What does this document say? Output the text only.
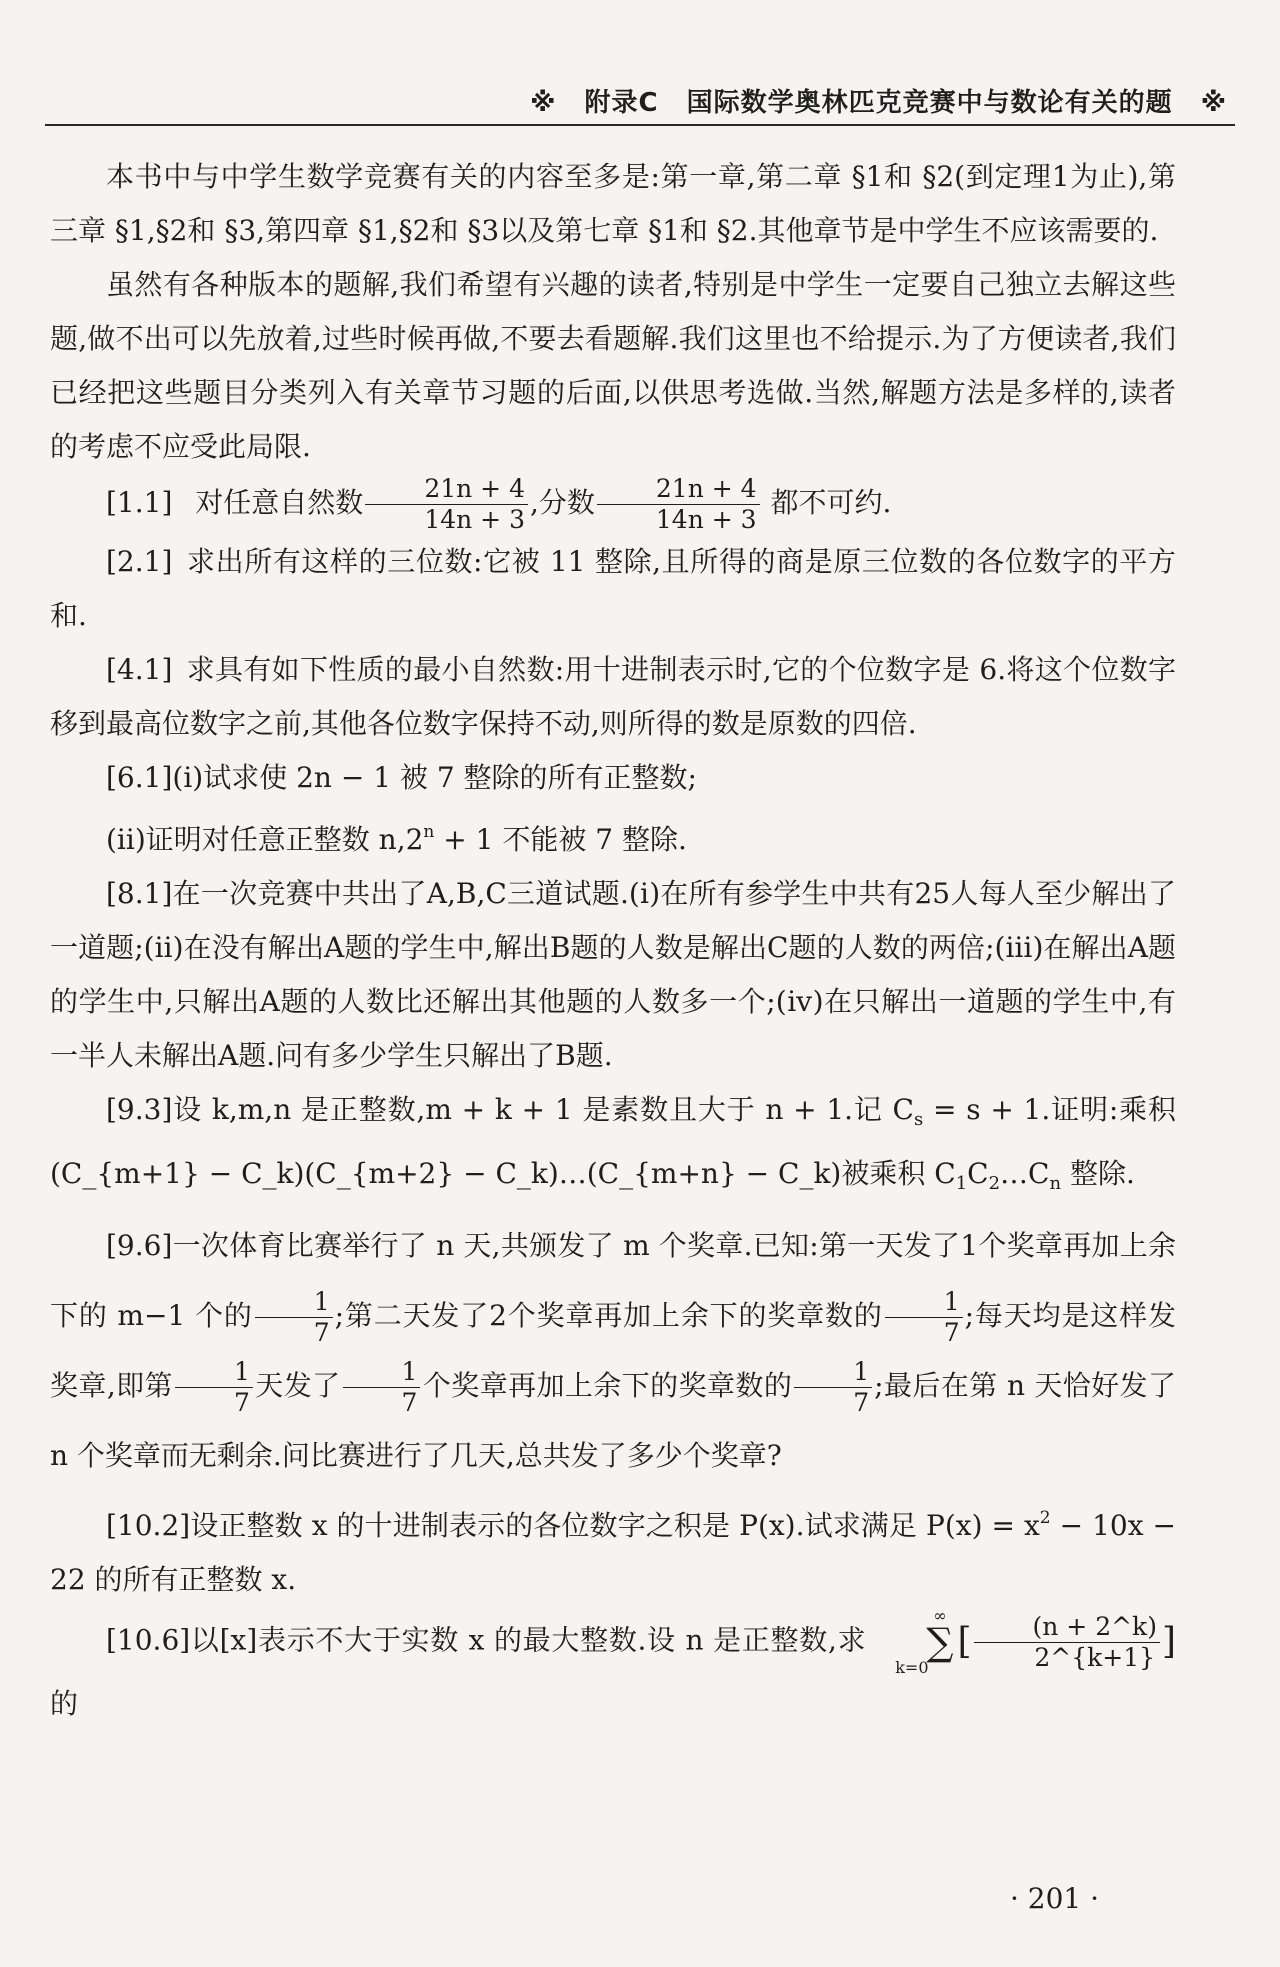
※ 附录C 国际数学奥林匹克竞赛中与数论有关的题 ※

本书中与中学生数学竞赛有关的内容至多是:第一章,第二章 §1和 §2(到定理1为止),第三章 §1,§2和 §3,第四章 §1,§2和 §3以及第七章 §1和 §2.其他章节是中学生不应该需要的.

虽然有各种版本的题解,我们希望有兴趣的读者,特别是中学生一定要自己独立去解这些题,做不出可以先放着,过些时候再做,不要去看题解.我们这里也不给提示.为了方便读者,我们已经把这些题目分类列入有关章节习题的后面,以供思考选做.当然,解题方法是多样的,读者的考虑不应受此局限.

[1.1] 对任意自然数 $\frac{21n + 4}{14n + 3}$ ,分数 $\frac{21n + 4}{14n + 3}$ 都不可约.

[2.1] 求出所有这样的三位数:它被 11 整除,且所得的商是原三位数的各位数字的平方和.

[4.1] 求具有如下性质的最小自然数:用十进制表示时,它的个位数字是 6.将这个位数字移到最高位数字之前,其他各位数字保持不动,则所得的数是原数的四倍.

[6.1](ⅰ)试求使 2n − 1 被 7 整除的所有正整数;

(ⅱ)证明对任意正整数 $n,2^n + 1$ 不能被 7 整除.

[8.1]在一次竞赛中共出了A,B,C三道试题.(ⅰ)在所有参学生中共有25人每人至少解出了一道题;(ⅱ)在没有解出A题的学生中,解出B题的人数是解出C题的人数的两倍;(ⅲ)在解出A题的学生中,只解出A题的人数比还解出其他题的人数多一个;(ⅳ)在只解出一道题的学生中,有一半人未解出A题.问有多少学生只解出了B题.

[9.3]设 k,m,n 是正整数,m + k + 1 是素数且大于 n + 1.记 $C_s = s + 1$.证明:乘积(C_{m+1} − C_k)(C_{m+2} − C_k)…(C_{m+n} − C_k)被乘积 $C_1C_2\dots C_n$ 整除.

[9.6]一次体育比赛举行了 n 天,共颁发了 m 个奖章.已知:第一天发了1个奖章再加上余下的 m−1 个的 $\frac{1}{7}$ ;第二天发了2个奖章再加上余下的奖章数的 $\frac{1}{7}$ ;每天均是这样发奖章,即第 $\frac{1}{7}$ 天发了 $\frac{1}{7}$ 个奖章再加上余下的奖章数的 $\frac{1}{7}$ ;最后在第 n 天恰好发了 n 个奖章而无剩余.问比赛进行了几天,总共发了多少个奖章?

[10.2]设正整数 x 的十进制表示的各位数字之积是 P(x).试求满足 $P(x) = x^2 - 10x - 22$ 的所有正整数 x.

[10.6]以[x]表示不大于实数 x 的最大整数.设 n 是正整数,求∞
∑
$k=0[ \frac{(n + 2\^{}k)}{2\^{}\{k+1\}}$ ]的

· 201 ·
